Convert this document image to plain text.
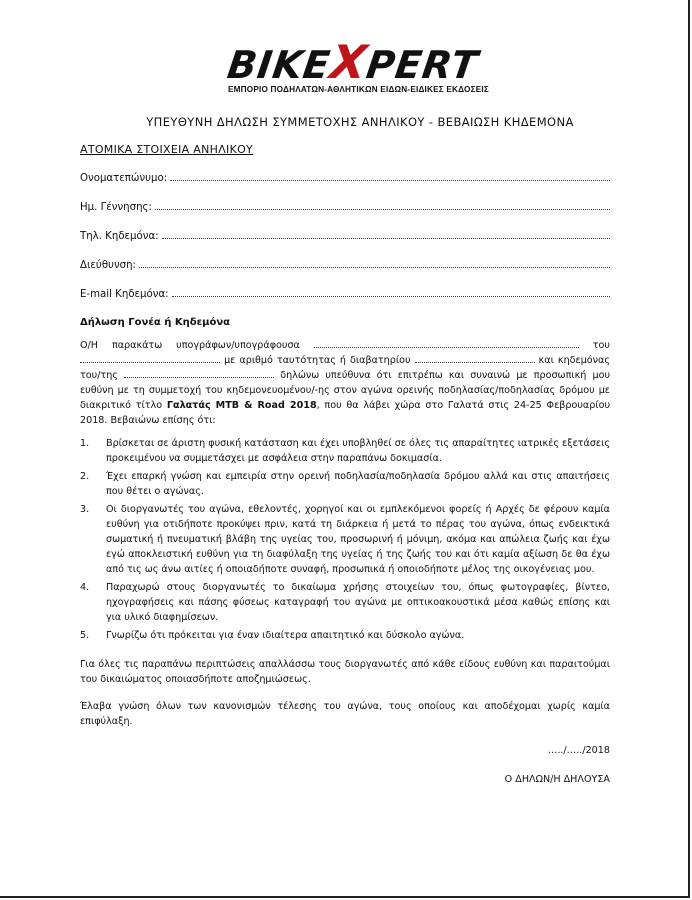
BIKEXPERT
ΕΜΠΟΡΙΟ ΠΟΔΗΛΑΤΩΝ-ΑΘΛΗΤΙΚΩΝ ΕΙΔΩΝ-ΕΙΔΙΚΕΣ ΕΚΔΟΣΕΙΣ
ΥΠΕΥΘΥΝΗ ΔΗΛΩΣΗ ΣΥΜΜΕΤΟΧΗΣ ΑΝΗΛΙΚΟΥ - ΒΕΒΑΙΩΣΗ ΚΗΔΕΜΟΝΑ
ΑΤΟΜΙΚΑ ΣΤΟΙΧΕΙΑ ΑΝΗΛΙΚΟΥ
Ονοματεπώνυμο:
Ημ. Γέννησης:
Τηλ. Κηδεμόνα:
Διεύθυνση:
E-mail Κηδεμόνα:
Δήλωση Γονέα ή Κηδεμόνα
Ο/Η παρακάτω υπογράφων/υπογράφουσα	του  με αριθμό ταυτότητας ή διαβατηρίου	και κηδεμόνας του/της	δηλώνω υπεύθυνα ότι επιτρέπω και συναινώ με προσωπική μου ευθύνη με τη συμμετοχή του κηδεμονευομένου/-ης στον αγώνα ορεινής ποδηλασίας/ποδηλασίας δρόμου με διακριτικό τίτλο Γαλατάς MTB & Road 2018, που θα λάβει χώρα στο Γαλατά στις 24-25 Φεβρουαρίου 2018. Βεβαιώνω επίσης ότι:
1.	Βρίσκεται σε άριστη φυσική κατάσταση και έχει υποβληθεί σε όλες τις απαραίτητες ιατρικές εξετάσεις προκειμένου να συμμετάσχει με ασφάλεια στην παραπάνω δοκιμασία.
2.	Έχει επαρκή γνώση και εμπειρία στην ορεινή ποδηλασία/ποδηλασία δρόμου αλλά και στις απαιτήσεις που θέτει ο αγώνας.
3.	Οι διοργανωτές του αγώνα, εθελοντές, χορηγοί και οι εμπλεκόμενοι φορείς ή Αρχές δε φέρουν καμία ευθύνη για οτιδήποτε προκύψει πριν, κατά τη διάρκεια ή μετά το πέρας του αγώνα, όπως ενδεικτικά σωματική ή πνευματική βλάβη της υγείας του, προσωρινή ή μόνιμη, ακόμα και απώλεια ζωής και έχω εγώ αποκλειστική ευθύνη για τη διαφύλαξη της υγείας ή της ζωής του και ότι καμία αξίωση δε θα έχω από τις ως άνω αιτίες ή οποιαδήποτε συναφή, προσωπικά ή οποιοδήποτε μέλος της οικογένειας μου.
4.	Παραχωρώ στους διοργανωτές το δικαίωμα χρήσης στοιχείων του, όπως φωτογραφίες, βίντεο, ηχογραφήσεις και πάσης φύσεως καταγραφή του αγώνα με οπτικοακουστικά μέσα καθώς επίσης και για υλικό διαφημίσεων.
5.	Γνωρίζω ότι πρόκειται για έναν ιδιαίτερα απαιτητικό και δύσκολο αγώνα.
Για όλες τις παραπάνω περιπτώσεις απαλλάσσω τους διοργανωτές από κάθε είδους ευθύνη και παραιτούμαι του δικαιώματος οποιασδήποτε αποζημιώσεως.
Έλαβα γνώση όλων των κανονισμών τέλεσης του αγώνα, τους οποίους και αποδέχομαι χωρίς καμία επιφύλαξη.
…../…../2018
Ο ΔΗΛΩΝ/Η ΔΗΛΟΥΣΑ
